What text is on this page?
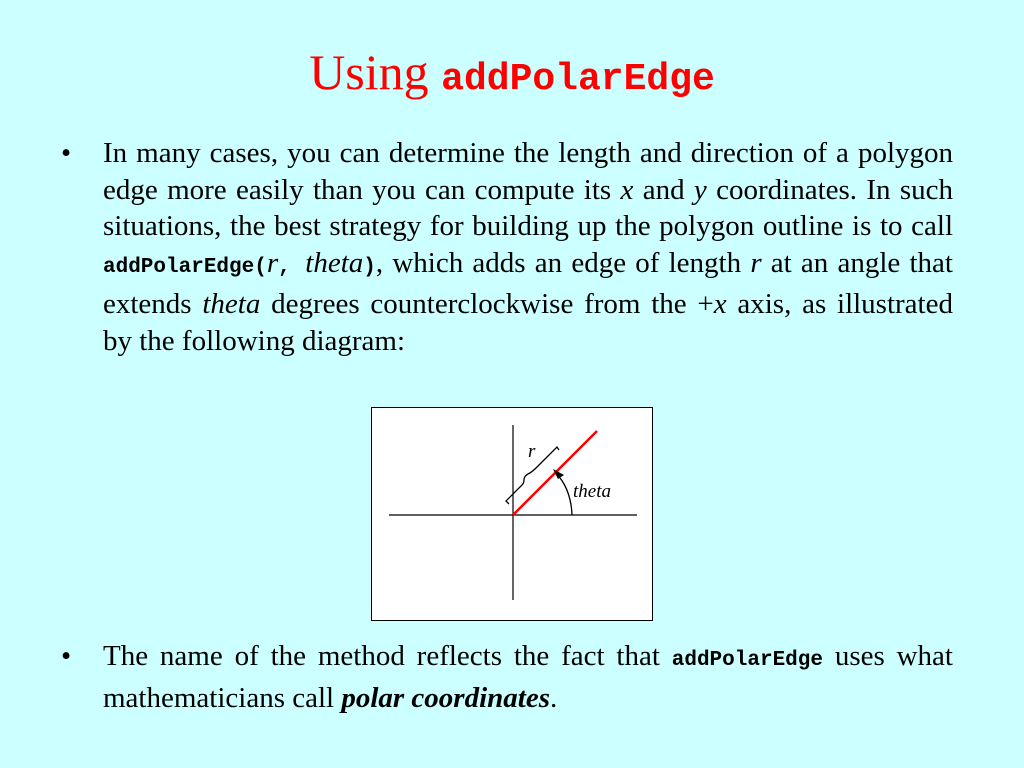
Using addPolarEdge
•	In many cases, you can determine the length and direction of a polygon edge more easily than you can compute its x and y coordinates. In such situations, the best strategy for building up the polygon outline is to call addPolarEdge(r, theta), which adds an edge of length r at an angle that extends theta degrees counterclockwise from the +x axis, as illustrated by the following diagram:
r
theta
•	The name of the method reflects the fact that addPolarEdge uses what mathematicians call polar coordinates.
